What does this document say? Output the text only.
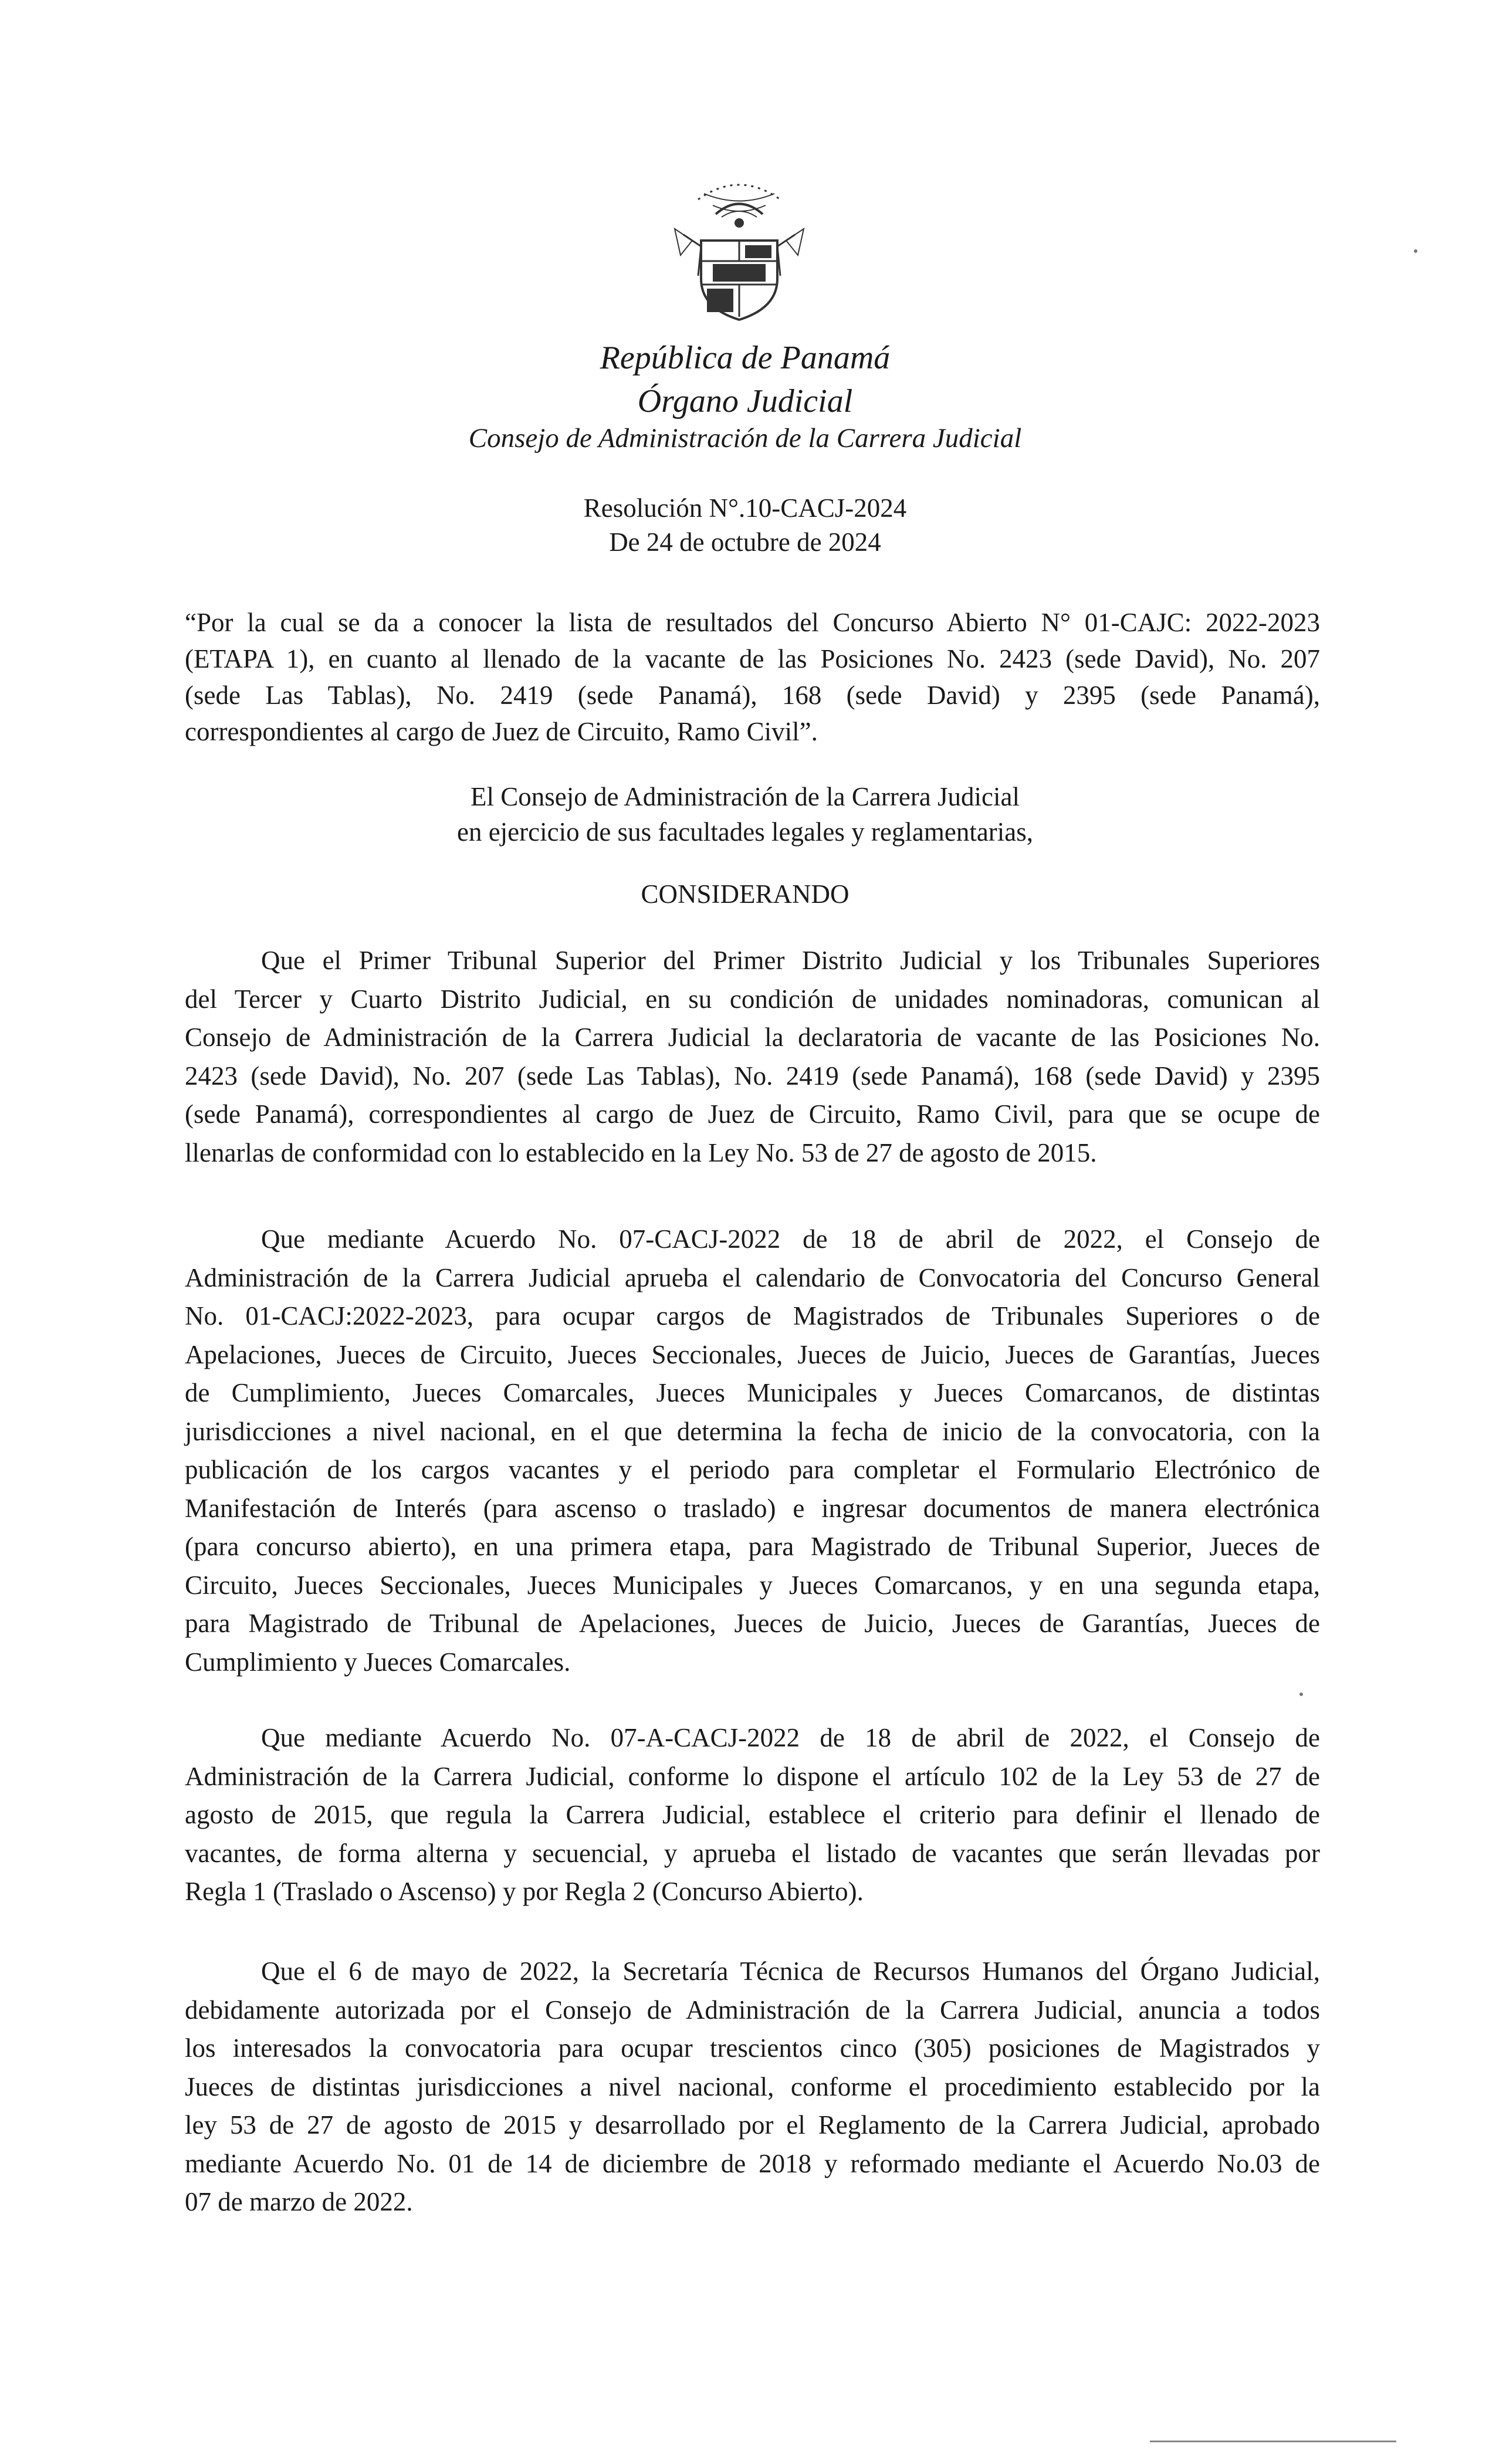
República de Panamá
Órgano Judicial
Consejo de Administración de la Carrera Judicial
Resolución N°.10-CACJ-2024
De 24 de octubre de 2024
“Por la cual se da a conocer la lista de resultados del Concurso Abierto N° 01-CAJC: 2022-2023
(ETAPA 1), en cuanto al llenado de la vacante de las Posiciones No. 2423 (sede David), No. 207
(sede Las Tablas), No. 2419 (sede Panamá), 168 (sede David) y 2395 (sede Panamá),
correspondientes al cargo de Juez de Circuito, Ramo Civil”.
El Consejo de Administración de la Carrera Judicial
en ejercicio de sus facultades legales y reglamentarias,
CONSIDERANDO
Que el Primer Tribunal Superior del Primer Distrito Judicial y los Tribunales Superiores
del Tercer y Cuarto Distrito Judicial, en su condición de unidades nominadoras, comunican al
Consejo de Administración de la Carrera Judicial la declaratoria de vacante de las Posiciones No.
2423 (sede David), No. 207 (sede Las Tablas), No. 2419 (sede Panamá), 168 (sede David) y 2395
(sede Panamá), correspondientes al cargo de Juez de Circuito, Ramo Civil, para que se ocupe de
llenarlas de conformidad con lo establecido en la Ley No. 53 de 27 de agosto de 2015.
Que mediante Acuerdo No. 07-CACJ-2022 de 18 de abril de 2022, el Consejo de
Administración de la Carrera Judicial aprueba el calendario de Convocatoria del Concurso General
No. 01-CACJ:2022-2023, para ocupar cargos de Magistrados de Tribunales Superiores o de
Apelaciones, Jueces de Circuito, Jueces Seccionales, Jueces de Juicio, Jueces de Garantías, Jueces
de Cumplimiento, Jueces Comarcales, Jueces Municipales y Jueces Comarcanos, de distintas
jurisdicciones a nivel nacional, en el que determina la fecha de inicio de la convocatoria, con la
publicación de los cargos vacantes y el periodo para completar el Formulario Electrónico de
Manifestación de Interés (para ascenso o traslado) e ingresar documentos de manera electrónica
(para concurso abierto), en una primera etapa, para Magistrado de Tribunal Superior, Jueces de
Circuito, Jueces Seccionales, Jueces Municipales y Jueces Comarcanos, y en una segunda etapa,
para Magistrado de Tribunal de Apelaciones, Jueces de Juicio, Jueces de Garantías, Jueces de
Cumplimiento y Jueces Comarcales.
Que mediante Acuerdo No. 07-A-CACJ-2022 de 18 de abril de 2022, el Consejo de
Administración de la Carrera Judicial, conforme lo dispone el artículo 102 de la Ley 53 de 27 de
agosto de 2015, que regula la Carrera Judicial, establece el criterio para definir el llenado de
vacantes, de forma alterna y secuencial, y aprueba el listado de vacantes que serán llevadas por
Regla 1 (Traslado o Ascenso) y por Regla 2 (Concurso Abierto).
Que el 6 de mayo de 2022, la Secretaría Técnica de Recursos Humanos del Órgano Judicial,
debidamente autorizada por el Consejo de Administración de la Carrera Judicial, anuncia a todos
los interesados la convocatoria para ocupar trescientos cinco (305) posiciones de Magistrados y
Jueces de distintas jurisdicciones a nivel nacional, conforme el procedimiento establecido por la
ley 53 de 27 de agosto de 2015 y desarrollado por el Reglamento de la Carrera Judicial, aprobado
mediante Acuerdo No. 01 de 14 de diciembre de 2018 y reformado mediante el Acuerdo No.03 de
07 de marzo de 2022.
